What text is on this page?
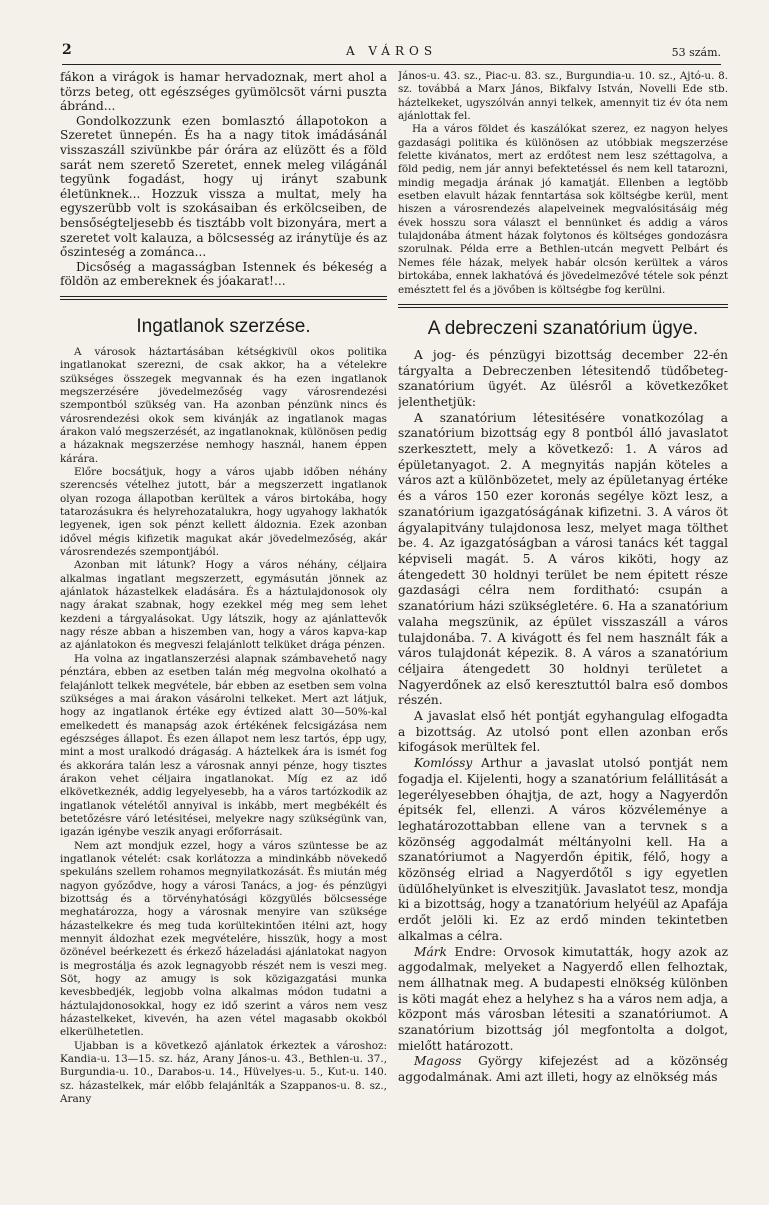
2	A VÁROS	53 szám.

fákon a virágok is hamar hervadoznak, mert ahol a törzs beteg, ott egészséges gyümölcsöt várni puszta ábránd...

Gondolkozzunk ezen bomlasztó állapotokon a Szeretet ünnepén. És ha a nagy titok imádásánál visszaszáll szivünkbe pár órára az elüzött és a föld sarát nem szerető Szeretet, ennek meleg világánál tegyünk fogadást, hogy uj irányt szabunk életünknek... Hozzuk vissza a multat, mely ha egyszerübb volt is szokásaiban és erkölcseiben, de bensőségteljesebb és tisztább volt bizonyára, mert a szeretet volt kalauza, a bölcsesség az iránytüje és az őszinteség a zománca...

Dicsőség a magasságban Istennek és békeség a földön az embereknek és jóakarat!...

Ingatlanok szerzése.

A városok háztartásában kétségkivül okos politika ingatlanokat szerezni, de csak akkor, ha a vételekre szükséges összegek megvannak és ha ezen ingatlanok megszerzésére jövedelmezőség vagy városrendezési szempontból szükség van. Ha azonban pénzünk nincs és városrendezési okok sem kivánják az ingatlanok magas árakon való megszerzését, az ingatlanoknak, különösen pedig a házaknak megszerzése nemhogy használ, hanem éppen kárára.

Előre bocsátjuk, hogy a város ujabb időben néhány szerencsés vételhez jutott, bár a megszerzett ingatlanok olyan rozoga állapotban kerültek a város birtokába, hogy tatarozásukra és helyrehozatalukra, hogy ugyahogy lakhatók legyenek, igen sok pénzt kellett áldoznia. Ezek azonban idővel mégis kifizetik magukat akár jövedelmezőség, akár városrendezés szempontjából.

Azonban mit látunk? Hogy a város néhány, céljaira alkalmas ingatlant megszerzett, egymásután jönnek az ajánlatok házastelkek eladására. És a háztulajdonosok oly nagy árakat szabnak, hogy ezekkel még meg sem lehet kezdeni a tárgyalásokat. Ugy látszik, hogy az ajánlattevők nagy része abban a hiszemben van, hogy a város kapva-kap az ajánlatokon és megveszi felajánlott telküket drága pénzen.

Ha volna az ingatlanszerzési alapnak számbavehető nagy pénztára, ebben az esetben talán még megvolna okolható a felajánlott telkek megvétele, bár ebben az esetben sem volna szükséges a mai árakon vásárolni telkeket. Mert azt látjuk, hogy az ingatlanok értéke egy évtized alatt 30—50%-kal emelkedett és manapság azok értékének felcsigázása nem egészséges állapot. És ezen állapot nem lesz tartós, épp ugy, mint a most uralkodó drágaság. A háztelkek ára is ismét fog és akkorára talán lesz a városnak annyi pénze, hogy tisztes árakon vehet céljaira ingatlanokat. Míg ez az idő elkövetkeznék, addig legyelyesebb, ha a város tartózkodik az ingatlanok vételétől annyival is inkább, mert megbékélt és betetőzésre váró letésitései, melyekre nagy szükségünk van, igazán igénybe veszik anyagi erőforrásait.

Nem azt mondjuk ezzel, hogy a város szüntesse be az ingatlanok vételét: csak korlátozza a mindinkább növekedő spekuláns szellem rohamos megnyilatkozását. És miután még nagyon győződve, hogy a városi Tanács, a jog- és pénzügyi bizottság és a törvényhatósági közgyülés bölcsessége meghatározza, hogy a városnak menyire van szüksége házastelkekre és meg tuda korültekintően itélni azt, hogy mennyit áldozhat ezek megvételére, hisszük, hogy a most özönével beérkezett és érkező házeladási ajánlatokat nagyon is megrostálja és azok legnagyobb részét nem is veszi meg. Söt, hogy az amugy is sok közigazgatási munka kevesbbedjék, legjobb volna alkalmas módon tudatni a háztulajdonosokkal, hogy ez idő szerint a város nem vesz házastelkeket, kivevén, ha azen vétel magasabb okokból elkerülhetetlen.

Ujabban is a következő ajánlatok érkeztek a városhoz: Kandia-u. 13—15. sz. ház, Arany János-u. 43., Bethlen-u. 37., Burgundia-u. 10., Darabos-u. 14., Hüvelyes-u. 5., Kut-u. 140. sz. házastelkek, már előbb felajánlták a Szappanos-u. 8. sz., Arany

János-u. 43. sz., Piac-u. 83. sz., Burgundia-u. 10. sz., Ajtó-u. 8. sz. továbbá a Marx János, Bikfalvy István, Novelli Ede stb. háztelkeket, ugyszólván annyi telkek, amennyit tiz év óta nem ajánlottak fel.

Ha a város földet és kaszálókat szerez, ez nagyon helyes gazdasági politika és különösen az utóbbiak megszerzése felette kivánatos, mert az erdőtest nem lesz széttagolva, a föld pedig, nem jár annyi befektetéssel és nem kell tatarozni, mindig megadja árának jó kamatját. Ellenben a legtöbb esetben elavult házak fenntartása sok költségbe kerül, ment hiszen a városrendezés alapelveinek megvalósitásáig még évek hosszu sora választ el bennünket és addig a város tulajdonába átment házak folytonos és költséges gondozásra szorulnak. Példa erre a Bethlen-utcán megvett Pelbárt és Nemes féle házak, melyek habár olcsón kerültek a város birtokába, ennek lakhatóvá és jövedelmezővé tétele sok pénzt emésztett fel és a jövőben is költségbe fog kerülni.

A debreczeni szanatórium ügye.

A jog- és pénzügyi bizottság december 22-én tárgyalta a Debreczenben létesitendő tüdőbeteg-szanatórium ügyét. Az ülésről a következőket jelenthetjük:

A szanatórium létesitésére vonatkozólag a szanatórium bizottság egy 8 pontból álló javaslatot szerkesztett, mely a következő: 1. A város ad épületanyagot. 2. A megnyitás napján köteles a város azt a különbözetet, mely az épületanyag értéke és a város 150 ezer koronás segélye közt lesz, a szanatórium igazgatóságának kifizetni. 3. A város öt ágyalapitvány tulajdonosa lesz, melyet maga tölthet be. 4. Az igazgatóságban a városi tanács két taggal képviseli magát. 5. A város kiköti, hogy az átengedett 30 holdnyi terület be nem épitett része gazdasági célra nem forditható: csupán a szanatórium házi szükségletére. 6. Ha a szanatórium valaha megszünik, az épület visszaszáll a város tulajdonába. 7. A kivágott és fel nem használt fák a város tulajdonát képezik. 8. A város a szanatórium céljaira átengedett 30 holdnyi területet a Nagyerdőnek az első keresztuttól balra eső dombos részén.

A javaslat első hét pontját egyhangulag elfogadta a bizottság. Az utolsó pont ellen azonban erős kifogások merültek fel.

Komlóssy Arthur a javaslat utolsó pontját nem fogadja el. Kijelenti, hogy a szanatórium felállitását a legerélyesebben óhajtja, de azt, hogy a Nagyerdőn épitsék fel, ellenzi. A város közvéleménye a leghatározottabban ellene van a tervnek s a közönség aggodalmát méltányolni kell. Ha a szanatóriumot a Nagyerdőn épitik, félő, hogy a közönség elriad a Nagyerdőtől s igy egyetlen üdülőhelyünket is elveszitjük. Javaslatot tesz, mondja ki a bizottság, hogy a tzanatórium helyéül az Apafája erdőt jelöli ki. Ez az erdő minden tekintetben alkalmas a célra.

Márk Endre: Orvosok kimutatták, hogy azok az aggodalmak, melyeket a Nagyerdő ellen felhoztak, nem állhatnak meg. A budapesti elnökség különben is köti magát ehez a helyhez s ha a város nem adja, a központ más városban létesiti a szanatóriumot. A szanatórium bizottság jól megfontolta a dolgot, mielőtt határozott.

Magoss György kifejezést ad a közönség aggodalmának. Ami azt illeti, hogy az elnökség más
